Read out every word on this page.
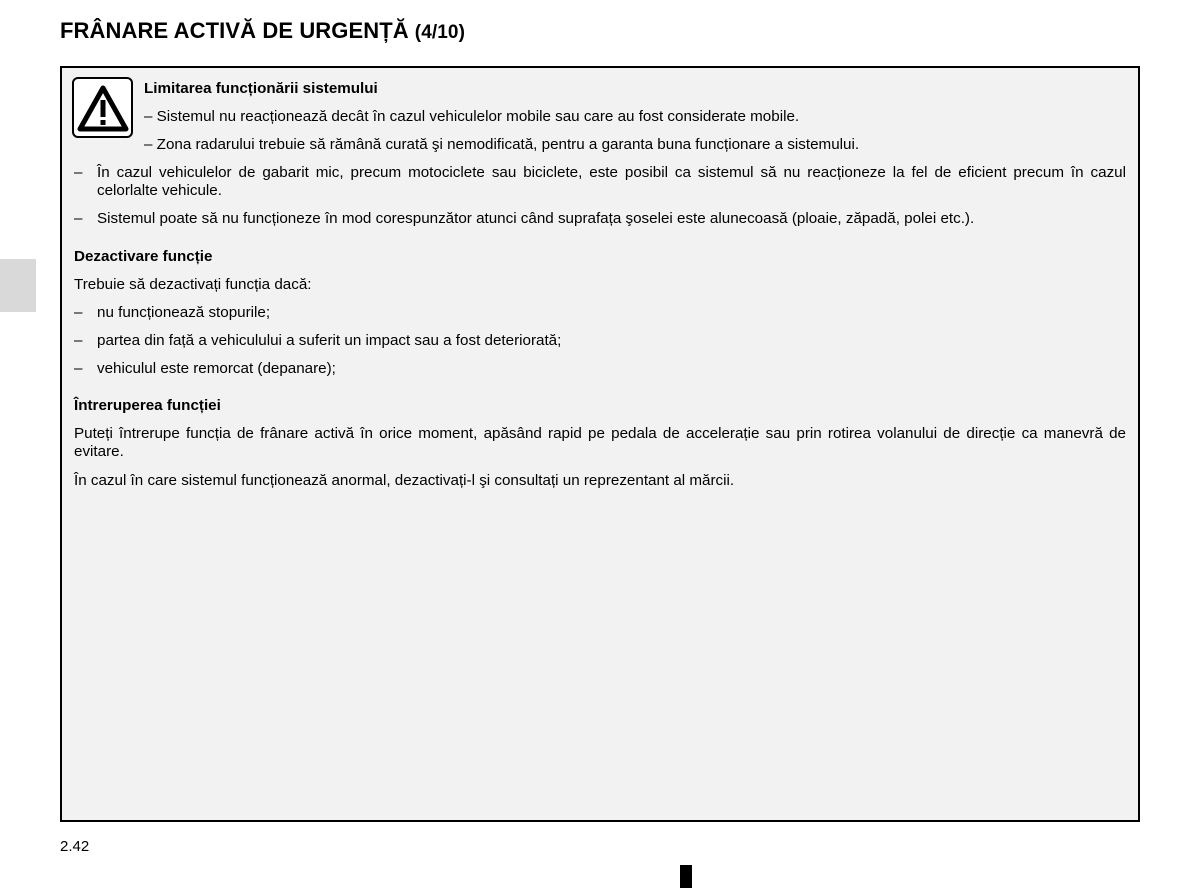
FRÂNARE ACTIVĂ DE URGENȚĂ (4/10)
Limitarea funcționării sistemului
– Sistemul nu reacționează decât în cazul vehiculelor mobile sau care au fost considerate mobile.
– Zona radarului trebuie să rămână curată şi nemodificată, pentru a garanta buna funcționare a sistemului.
– În cazul vehiculelor de gabarit mic, precum motociclete sau biciclete, este posibil ca sistemul să nu reacționeze la fel de eficient precum în cazul celorlalte vehicule.
– Sistemul poate să nu funcționeze în mod corespunzător atunci când suprafața şoselei este alunecoasă (ploaie, zăpadă, polei etc.).
Dezactivare funcție
Trebuie să dezactivați funcția dacă:
– nu funcționează stopurile;
– partea din față a vehiculului a suferit un impact sau a fost deteriorată;
– vehiculul este remorcat (depanare);
Întreruperea funcției
Puteți întrerupe funcția de frânare activă în orice moment, apăsând rapid pe pedala de accelerație sau prin rotirea volanului de direcție ca manevră de evitare.
În cazul în care sistemul funcționează anormal, dezactivați-l şi consultați un reprezentant al mărcii.
2.42
